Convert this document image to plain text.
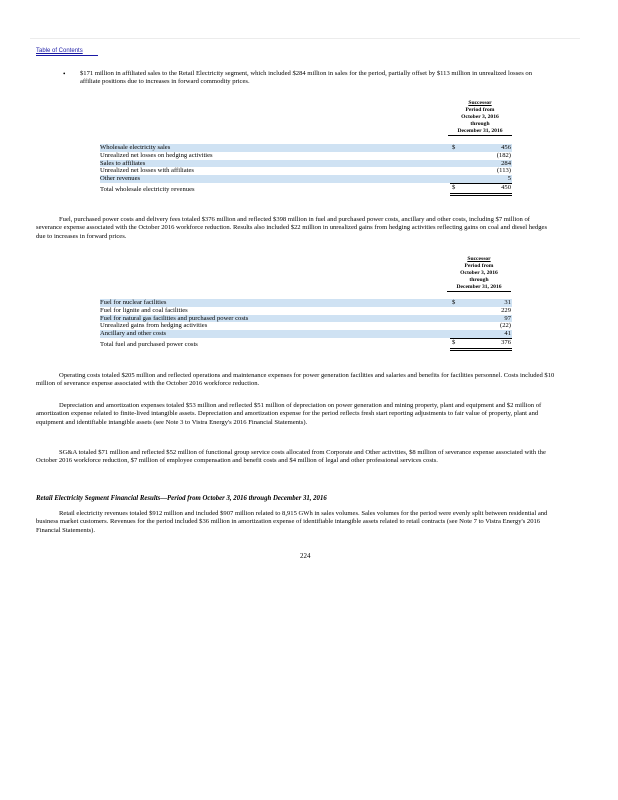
Table of Contents
• $171 million in affiliated sales to the Retail Electricity segment, which included $284 million in sales for the period, partially offset by $113 million in unrealized losses on affiliate positions due to increases in forward commodity prices.

Successor
Period from
October 3, 2016
through
December 31, 2016
Wholesale electricity sales	$	456
Unrealized net losses on hedging activities		(182)
Sales to affiliates		284
Unrealized net losses with affiliates		(113)
Other revenues		5
Total wholesale electricity revenues	$	450

Fuel, purchased power costs and delivery fees totaled $376 million and reflected $398 million in fuel and purchased power costs, ancillary and other costs, including $7 million of severance expense associated with the October 2016 workforce reduction. Results also included $22 million in unrealized gains from hedging activities reflecting gains on coal and diesel hedges due to increases in forward prices.

Successor
Period from
October 3, 2016
through
December 31, 2016
Fuel for nuclear facilities	$	31
Fuel for lignite and coal facilities		229
Fuel for natural gas facilities and purchased power costs		97
Unrealized gains from hedging activities		(22)
Ancillary and other costs		41
Total fuel and purchased power costs	$	376

Operating costs totaled $205 million and reflected operations and maintenance expenses for power generation facilities and salaries and benefits for facilities personnel. Costs included $10 million of severance expense associated with the October 2016 workforce reduction.

Depreciation and amortization expenses totaled $53 million and reflected $51 million of depreciation on power generation and mining property, plant and equipment and $2 million of amortization expense related to finite-lived intangible assets. Depreciation and amortization expense for the period reflects fresh start reporting adjustments to fair value of property, plant and equipment and identifiable intangible assets (see Note 3 to Vistra Energy's 2016 Financial Statements).

SG&A totaled $71 million and reflected $52 million of functional group service costs allocated from Corporate and Other activities, $8 million of severance expense associated with the October 2016 workforce reduction, $7 million of employee compensation and benefit costs and $4 million of legal and other professional services costs.

Retail Electricity Segment Financial Results—Period from October 3, 2016 through December 31, 2016

Retail electricity revenues totaled $912 million and included $907 million related to 8,915 GWh in sales volumes. Sales volumes for the period were evenly split between residential and business market customers. Revenues for the period included $36 million in amortization expense of identifiable intangible assets related to retail contracts (see Note 7 to Vistra Energy's 2016 Financial Statements).

224
